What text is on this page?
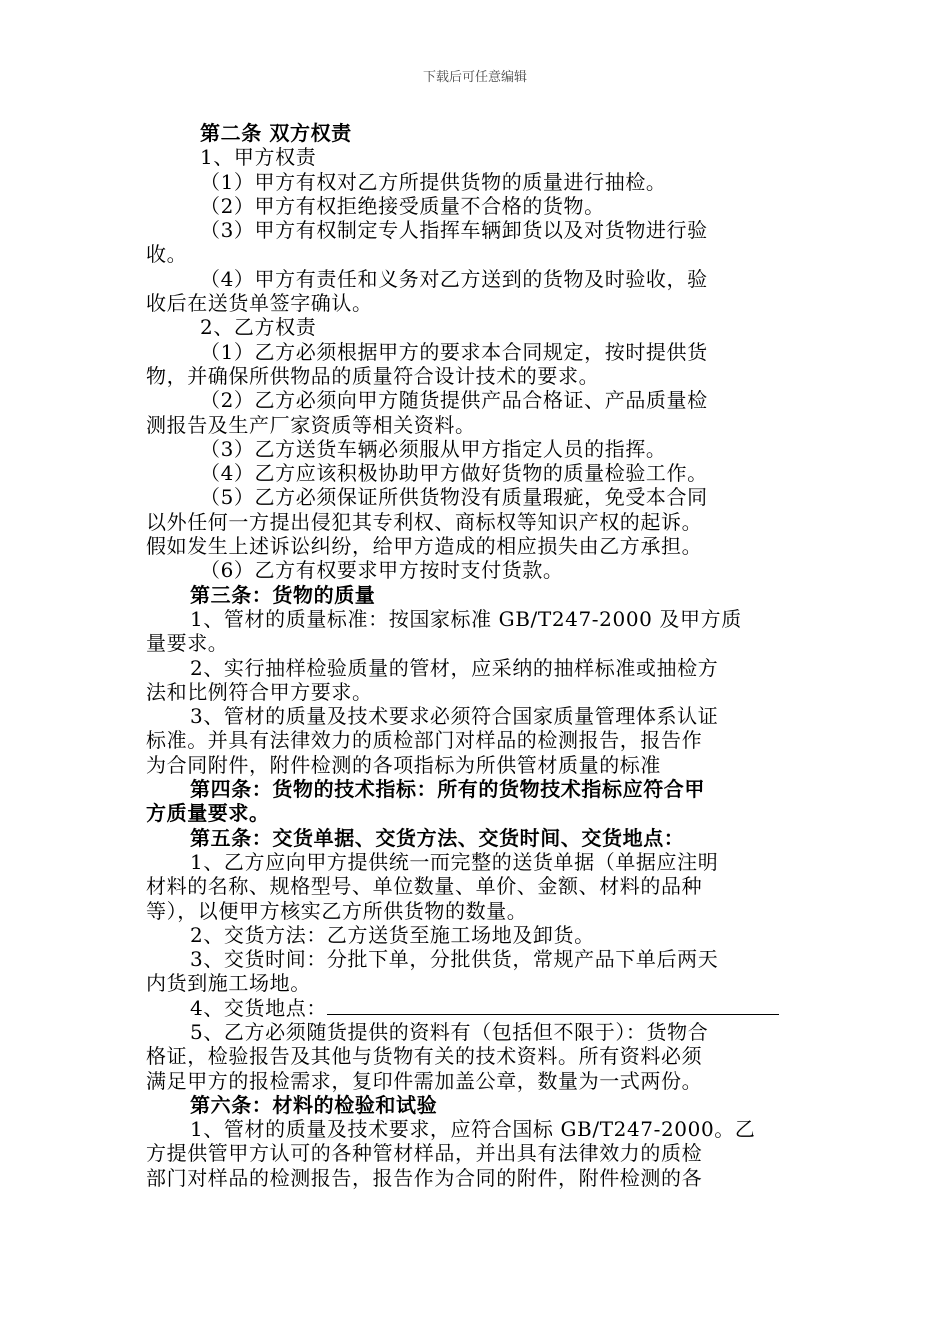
下载后可任意编辑
第二条 双方权责
1、甲方权责
（1）甲方有权对乙方所提供货物的质量进行抽检。
（2）甲方有权拒绝接受质量不合格的货物。
（3）甲方有权制定专人指挥车辆卸货以及对货物进行验
收。
（4）甲方有责任和义务对乙方送到的货物及时验收，验
收后在送货单签字确认。
2、乙方权责
（1）乙方必须根据甲方的要求本合同规定，按时提供货
物，并确保所供物品的质量符合设计技术的要求。
（2）乙方必须向甲方随货提供产品合格证、产品质量检
测报告及生产厂家资质等相关资料。
（3）乙方送货车辆必须服从甲方指定人员的指挥。
（4）乙方应该积极协助甲方做好货物的质量检验工作。
（5）乙方必须保证所供货物没有质量瑕疵，免受本合同
以外任何一方提出侵犯其专利权、商标权等知识产权的起诉。
假如发生上述诉讼纠纷，给甲方造成的相应损失由乙方承担。
（6）乙方有权要求甲方按时支付货款。
第三条：货物的质量
1、管材的质量标准：按国家标准 GB/T247-2000 及甲方质
量要求。
2、实行抽样检验质量的管材，应采纳的抽样标准或抽检方
法和比例符合甲方要求。
3、管材的质量及技术要求必须符合国家质量管理体系认证
标准。并具有法律效力的质检部门对样品的检测报告，报告作
为合同附件，附件检测的各项指标为所供管材质量的标准
第四条：货物的技术指标：所有的货物技术指标应符合甲
方质量要求。
第五条：交货单据、交货方法、交货时间、交货地点：
1、乙方应向甲方提供统一而完整的送货单据（单据应注明
材料的名称、规格型号、单位数量、单价、金额、材料的品种
等），以便甲方核实乙方所供货物的数量。
2、交货方法：乙方送货至施工场地及卸货。
3、交货时间：分批下单，分批供货，常规产品下单后两天
内货到施工场地。
4、交货地点：
5、乙方必须随货提供的资料有（包括但不限于）：货物合
格证，检验报告及其他与货物有关的技术资料。所有资料必须
满足甲方的报检需求，复印件需加盖公章，数量为一式两份。
第六条：材料的检验和试验
1、管材的质量及技术要求，应符合国标 GB/T247-2000。乙
方提供管甲方认可的各种管材样品，并出具有法律效力的质检
部门对样品的检测报告，报告作为合同的附件，附件检测的各
